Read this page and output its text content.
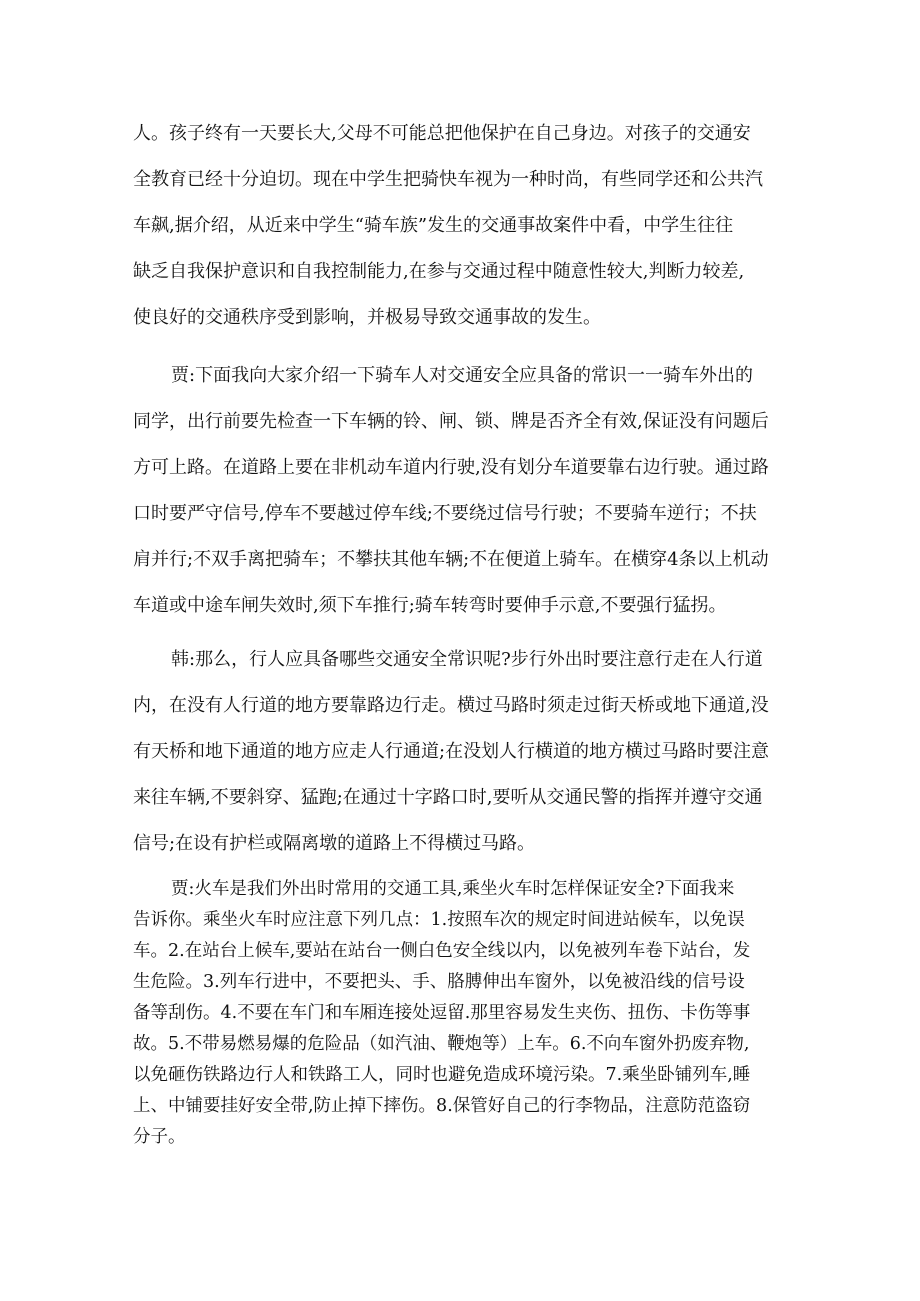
人。孩子终有一天要长大,父母不可能总把他保护在自己身边。对孩子的交通安
全教育已经十分迫切。现在中学生把骑快车视为一种时尚，有些同学还和公共汽
车飙,据介绍，从近来中学生“骑车族”发生的交通事故案件中看，中学生往往
缺乏自我保护意识和自我控制能力,在参与交通过程中随意性较大,判断力较差,
使良好的交通秩序受到影响，并极易导致交通事故的发生。
贾:下面我向大家介绍一下骑车人对交通安全应具备的常识一一骑车外出的
同学，出行前要先检查一下车辆的铃、闸、锁、牌是否齐全有效,保证没有问题后
方可上路。在道路上要在非机动车道内行驶,没有划分车道要靠右边行驶。通过路
口时要严守信号,停车不要越过停车线;不要绕过信号行驶；不要骑车逆行；不扶
肩并行;不双手离把骑车；不攀扶其他车辆;不在便道上骑车。在横穿4条以上机动
车道或中途车闸失效时,须下车推行;骑车转弯时要伸手示意,不要强行猛拐。
韩:那么，行人应具备哪些交通安全常识呢?步行外出时要注意行走在人行道
内，在没有人行道的地方要靠路边行走。横过马路时须走过街天桥或地下通道,没
有天桥和地下通道的地方应走人行通道;在没划人行横道的地方横过马路时要注意
来往车辆,不要斜穿、猛跑;在通过十字路口时,要听从交通民警的指挥并遵守交通
信号;在设有护栏或隔离墩的道路上不得横过马路。
贾:火车是我们外出时常用的交通工具,乘坐火车时怎样保证安全?下面我来
告诉你。乘坐火车时应注意下列几点：1.按照车次的规定时间进站候车，以免误
车。2.在站台上候车,要站在站台一侧白色安全线以内，以免被列车卷下站台，发
生危险。3.列车行进中，不要把头、手、胳膊伸出车窗外，以免被沿线的信号设
备等刮伤。4.不要在车门和车厢连接处逗留.那里容易发生夹伤、扭伤、卡伤等事
故。5.不带易燃易爆的危险品（如汽油、鞭炮等）上车。6.不向车窗外扔废弃物,
以免砸伤铁路边行人和铁路工人，同时也避免造成环境污染。7.乘坐卧铺列车,睡
上、中铺要挂好安全带,防止掉下摔伤。8.保管好自己的行李物品，注意防范盗窃
分子。
